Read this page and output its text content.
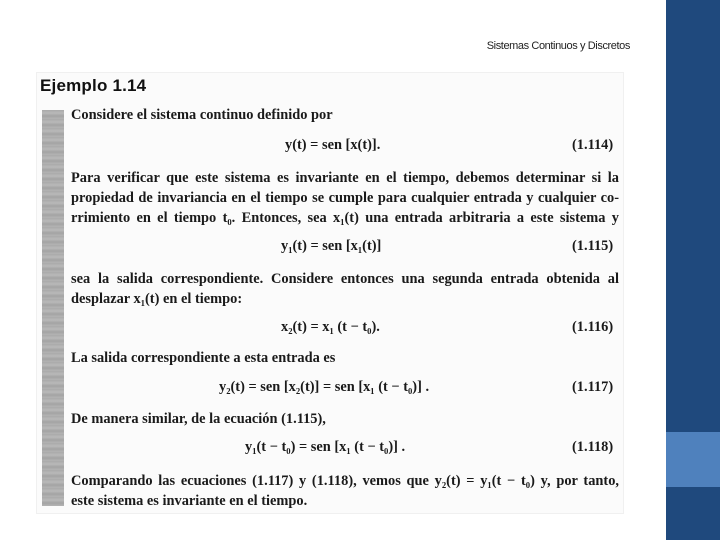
Sistemas Continuos y Discretos
Ejemplo 1.14
Considere el sistema continuo definido por
y(t) = sen [x(t)].	(1.114)
Para verificar que este sistema es invariante en el tiempo, debemos determinar si la
propiedad de invariancia en el tiempo se cumple para cualquier entrada y cualquier co-
rrimiento en el tiempo t₀. Entonces, sea x₁(t) una entrada arbitraria a este sistema y
y₁(t) = sen [x₁(t)]	(1.115)
sea la salida correspondiente. Considere entonces una segunda entrada obtenida al
desplazar x₁(t) en el tiempo:
x₂(t) = x₁ (t − t₀).	(1.116)
La salida correspondiente a esta entrada es
y₂(t) = sen [x₂(t)] = sen [x₁ (t − t₀)] .	(1.117)
De manera similar, de la ecuación (1.115),
y₁(t − t₀) = sen [x₁ (t − t₀)] .	(1.118)
Comparando las ecuaciones (1.117) y (1.118), vemos que y₂(t) = y₁(t − t₀) y, por tanto,
este sistema es invariante en el tiempo.
